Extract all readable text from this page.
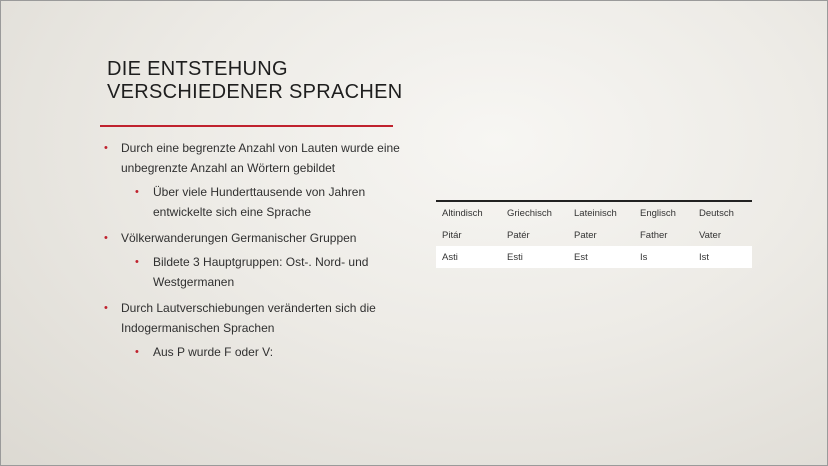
DIE ENTSTEHUNG
VERSCHIEDENER SPRACHEN
• Durch eine begrenzte Anzahl von Lauten wurde eine unbegrenzte Anzahl an Wörtern gebildet
• Über viele Hunderttausende von Jahren entwickelte sich eine Sprache
• Völkerwanderungen Germanischer Gruppen
• Bildete 3 Hauptgruppen: Ost-. Nord- und Westgermanen
• Durch Lautverschiebungen veränderten sich die Indogermanischen Sprachen
• Aus P wurde F oder V:
Altindisch	Griechisch	Lateinisch	Englisch	Deutsch
Pitár	Patér	Pater	Father	Vater
Asti	Esti	Est	Is	Ist
